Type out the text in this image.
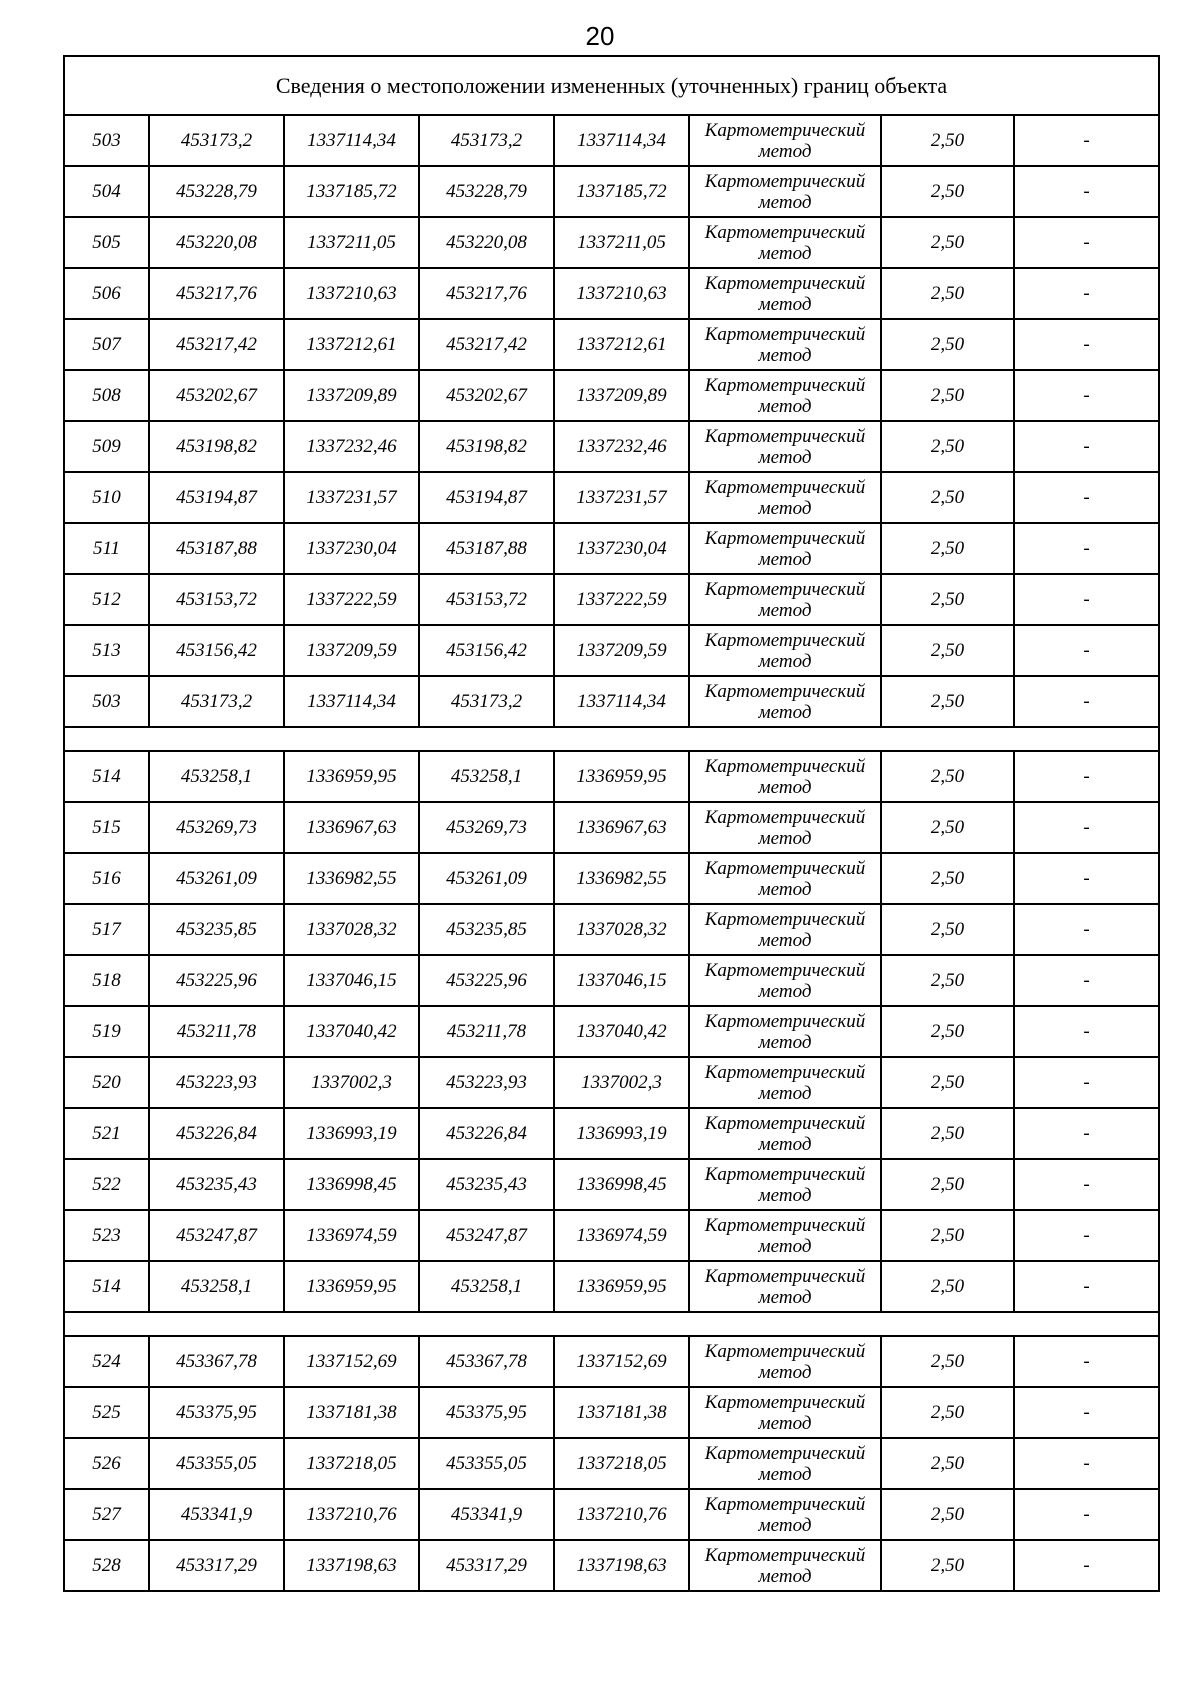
20
Сведения о местоположении измененных (уточненных) границ объекта							
503	453173,2	1337114,34	453173,2	1337114,34	Картометрический
метод	2,50	-
504	453228,79	1337185,72	453228,79	1337185,72	Картометрический
метод	2,50	-
505	453220,08	1337211,05	453220,08	1337211,05	Картометрический
метод	2,50	-
506	453217,76	1337210,63	453217,76	1337210,63	Картометрический
метод	2,50	-
507	453217,42	1337212,61	453217,42	1337212,61	Картометрический
метод	2,50	-
508	453202,67	1337209,89	453202,67	1337209,89	Картометрический
метод	2,50	-
509	453198,82	1337232,46	453198,82	1337232,46	Картометрический
метод	2,50	-
510	453194,87	1337231,57	453194,87	1337231,57	Картометрический
метод	2,50	-
511	453187,88	1337230,04	453187,88	1337230,04	Картометрический
метод	2,50	-
512	453153,72	1337222,59	453153,72	1337222,59	Картометрический
метод	2,50	-
513	453156,42	1337209,59	453156,42	1337209,59	Картометрический
метод	2,50	-
503	453173,2	1337114,34	453173,2	1337114,34	Картометрический
метод	2,50	-

514	453258,1	1336959,95	453258,1	1336959,95	Картометрический
метод	2,50	-
515	453269,73	1336967,63	453269,73	1336967,63	Картометрический
метод	2,50	-
516	453261,09	1336982,55	453261,09	1336982,55	Картометрический
метод	2,50	-
517	453235,85	1337028,32	453235,85	1337028,32	Картометрический
метод	2,50	-
518	453225,96	1337046,15	453225,96	1337046,15	Картометрический
метод	2,50	-
519	453211,78	1337040,42	453211,78	1337040,42	Картометрический
метод	2,50	-
520	453223,93	1337002,3	453223,93	1337002,3	Картометрический
метод	2,50	-
521	453226,84	1336993,19	453226,84	1336993,19	Картометрический
метод	2,50	-
522	453235,43	1336998,45	453235,43	1336998,45	Картометрический
метод	2,50	-
523	453247,87	1336974,59	453247,87	1336974,59	Картометрический
метод	2,50	-
514	453258,1	1336959,95	453258,1	1336959,95	Картометрический
метод	2,50	-

524	453367,78	1337152,69	453367,78	1337152,69	Картометрический
метод	2,50	-
525	453375,95	1337181,38	453375,95	1337181,38	Картометрический
метод	2,50	-
526	453355,05	1337218,05	453355,05	1337218,05	Картометрический
метод	2,50	-
527	453341,9	1337210,76	453341,9	1337210,76	Картометрический
метод	2,50	-
528	453317,29	1337198,63	453317,29	1337198,63	Картометрический
метод	2,50	-
